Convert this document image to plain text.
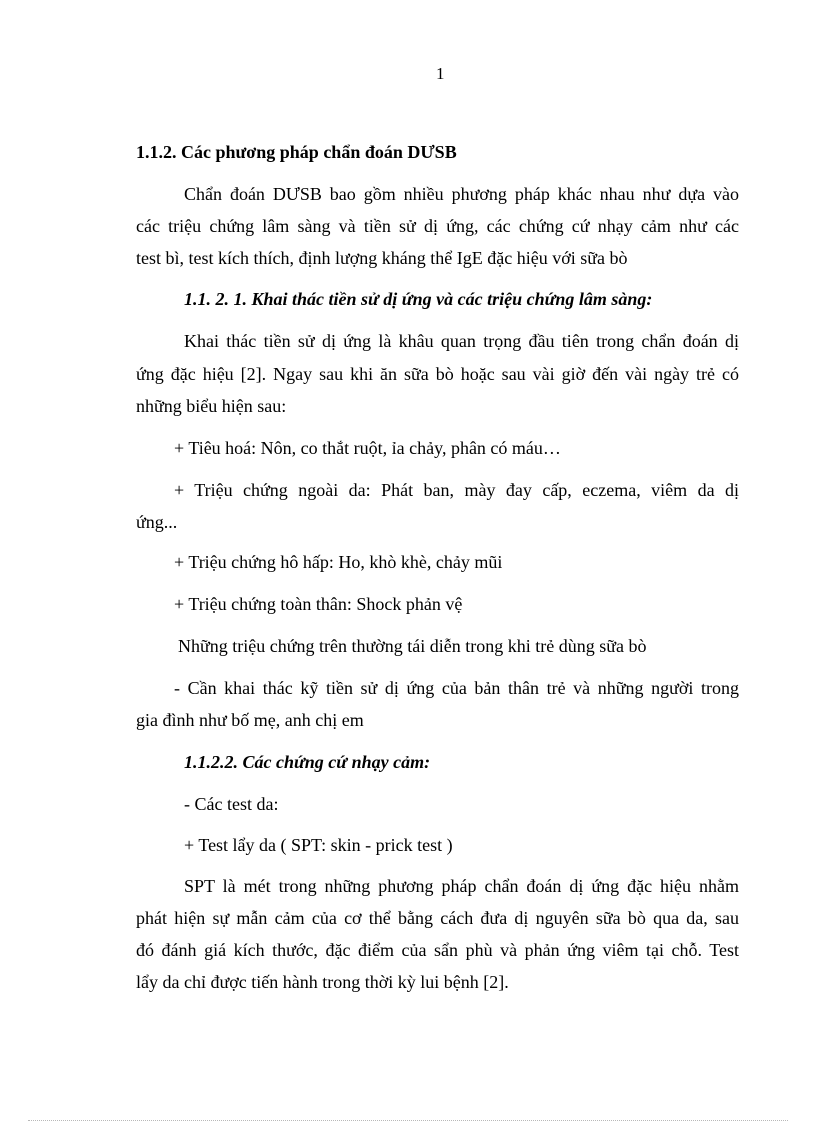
1
1.1.2. Các phương pháp chẩn đoán DƯSB
Chẩn đoán DƯSB bao gồm nhiều phương pháp khác nhau như dựa vào
các triệu chứng lâm sàng và tiền sử dị ứng, các chứng cứ nhạy cảm như các
test bì, test kích thích, định lượng kháng thể IgE đặc hiệu với sữa bò
1.1. 2. 1. Khai thác tiền sử dị ứng và các triệu chứng lâm sàng:
Khai thác tiền sử dị ứng là khâu quan trọng đầu tiên trong chẩn đoán dị
ứng đặc hiệu [2]. Ngay sau khi ăn sữa bò hoặc sau vài giờ đến vài ngày trẻ có
những biểu hiện sau:
+ Tiêu hoá: Nôn, co thắt ruột, ỉa chảy, phân có máu…
+ Triệu chứng ngoài da: Phát ban, mày đay cấp, eczema, viêm da dị
ứng...
+ Triệu chứng hô hấp: Ho, khò khè, chảy mũi
+ Triệu chứng toàn thân: Shock phản vệ
Những triệu chứng trên thường tái diễn trong khi trẻ dùng sữa bò
- Cần khai thác kỹ tiền sử dị ứng của bản thân trẻ và những người trong
gia đình như bố mẹ, anh chị em
1.1.2.2. Các chứng cứ nhạy cảm:
- Các test da:
+ Test lẩy da ( SPT: skin - prick test )
SPT là mét trong những phương pháp chẩn đoán dị ứng đặc hiệu nhằm
phát hiện sự mẫn cảm của cơ thể bằng cách đưa dị nguyên sữa bò qua da, sau
đó đánh giá kích thước, đặc điểm của sẩn phù và phản ứng viêm tại chỗ. Test
lẩy da chỉ được tiến hành trong thời kỳ lui bệnh [2].
